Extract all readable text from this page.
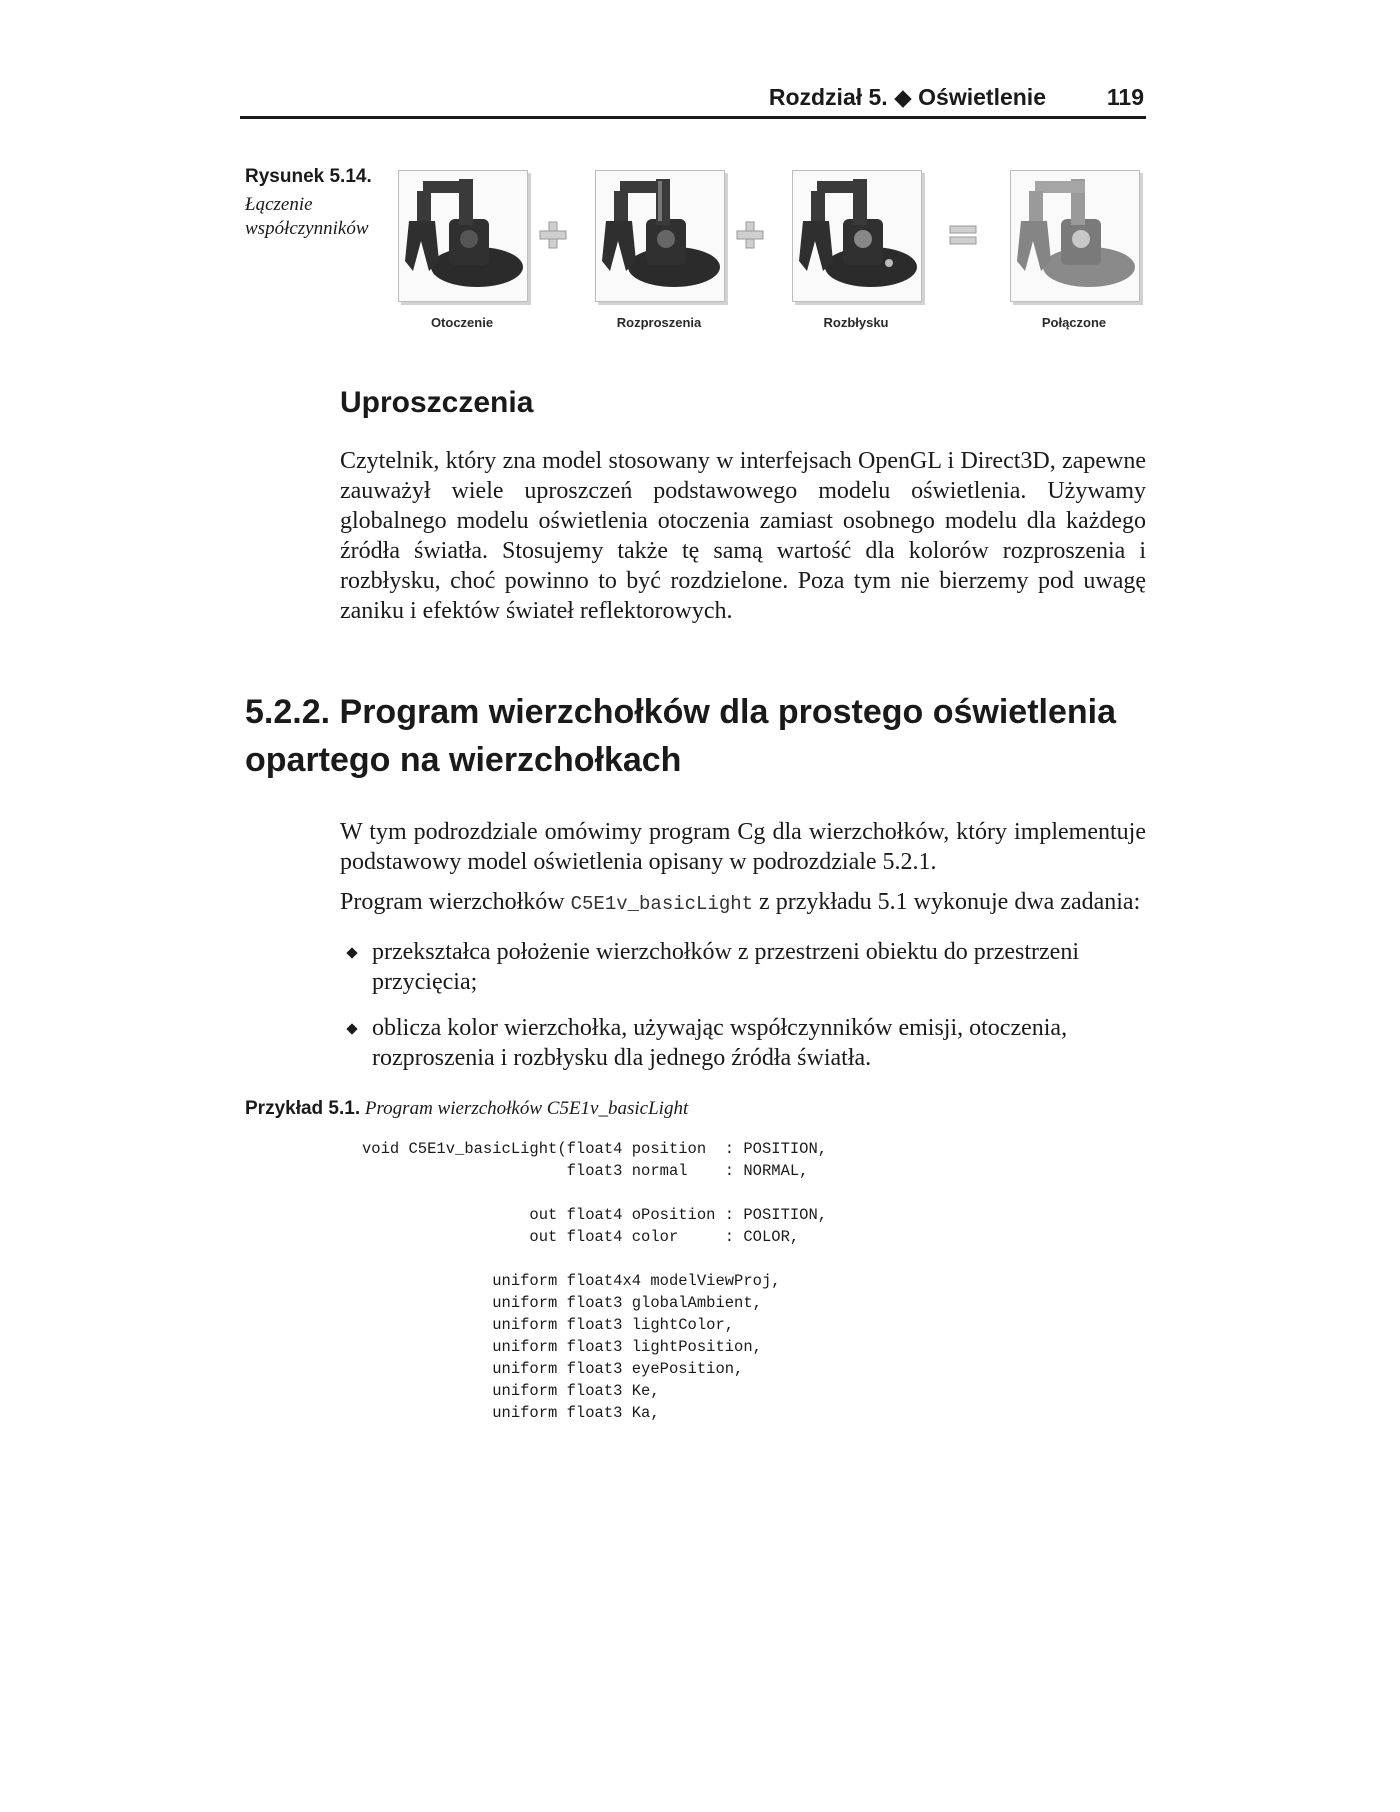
Rozdział 5. ◆ Oświetlenie	119
Rysunek 5.14.
Łączenie współczynników
Otoczenie	Rozproszenia	Rozbłysku	Połączone
Uproszczenia

Czytelnik, który zna model stosowany w interfejsach OpenGL i Direct3D, zapewne zauważył wiele uproszczeń podstawowego modelu oświetlenia. Używamy globalnego modelu oświetlenia otoczenia zamiast osobnego modelu dla każdego źródła światła. Stosujemy także tę samą wartość dla kolorów rozproszenia i rozbłysku, choć powinno to być rozdzielone. Poza tym nie bierzemy pod uwagę zaniku i efektów świateł reflektorowych.

5.2.2. Program wierzchołków dla prostego oświetlenia
opartego na wierzchołkach

W tym podrozdziale omówimy program Cg dla wierzchołków, który implementuje podstawowy model oświetlenia opisany w podrozdziale 5.2.1.

Program wierzchołków C5E1v_basicLight z przykładu 5.1 wykonuje dwa zadania:

przekształca położenie wierzchołków z przestrzeni obiektu do przestrzeni przycięcia;
oblicza kolor wierzchołka, używając współczynników emisji, otoczenia, rozproszenia i rozbłysku dla jednego źródła światła.
Przykład 5.1. Program wierzchołków C5E1v_basicLight
void C5E1v_basicLight(float4 position  : POSITION,
float3 normal    : NORMAL,

out float4 oPosition : POSITION,
out float4 color     : COLOR,

uniform float4x4 modelViewProj,
uniform float3 globalAmbient,
uniform float3 lightColor,
uniform float3 lightPosition,
uniform float3 eyePosition,
uniform float3 Ke,
uniform float3 Ka,
